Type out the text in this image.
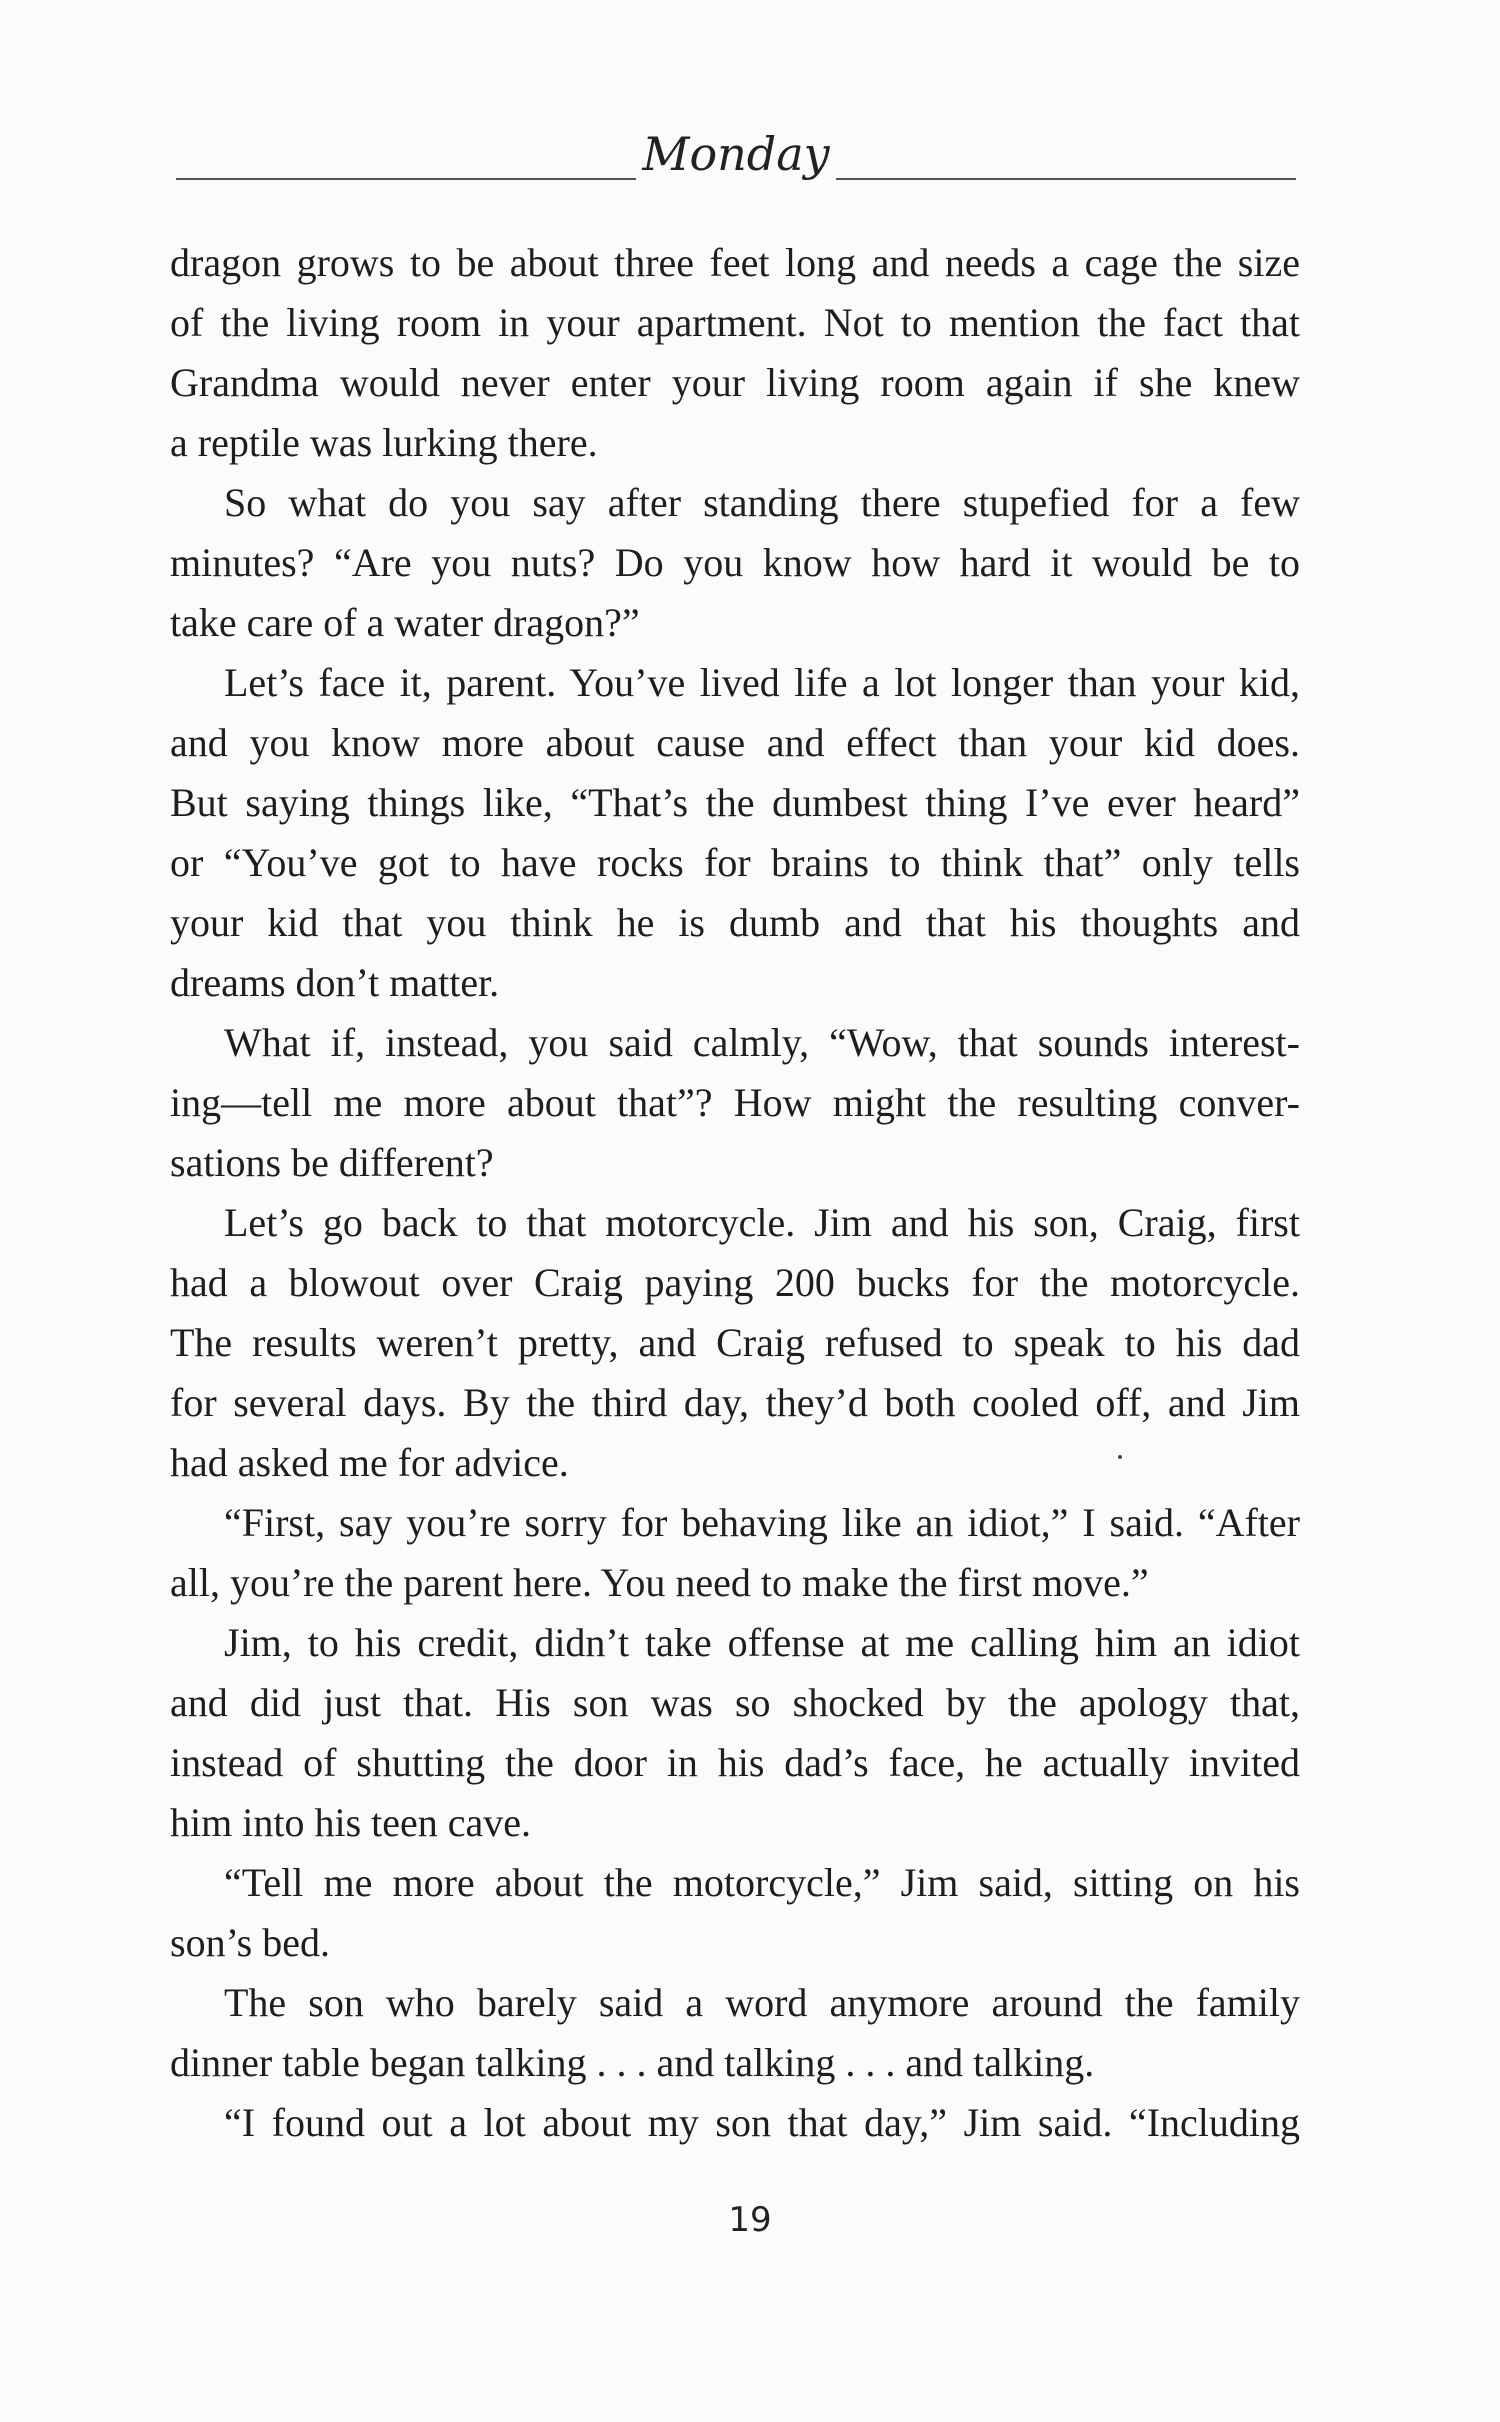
Monday
dragon grows to be about three feet long and needs a cage the size
of the living room in your apartment. Not to mention the fact that
Grandma would never enter your living room again if she knew
a reptile was lurking there.
So what do you say after standing there stupefied for a few
minutes? “Are you nuts? Do you know how hard it would be to
take care of a water dragon?”
Let’s face it, parent. You’ve lived life a lot longer than your kid,
and you know more about cause and effect than your kid does.
But saying things like, “That’s the dumbest thing I’ve ever heard”
or “You’ve got to have rocks for brains to think that” only tells
your kid that you think he is dumb and that his thoughts and
dreams don’t matter.
What if, instead, you said calmly, “Wow, that sounds interest-
ing—tell me more about that”? How might the resulting conver-
sations be different?
Let’s go back to that motorcycle. Jim and his son, Craig, first
had a blowout over Craig paying 200 bucks for the motorcycle.
The results weren’t pretty, and Craig refused to speak to his dad
for several days. By the third day, they’d both cooled off, and Jim
had asked me for advice.
“First, say you’re sorry for behaving like an idiot,” I said. “After
all, you’re the parent here. You need to make the first move.”
Jim, to his credit, didn’t take offense at me calling him an idiot
and did just that. His son was so shocked by the apology that,
instead of shutting the door in his dad’s face, he actually invited
him into his teen cave.
“Tell me more about the motorcycle,” Jim said, sitting on his
son’s bed.
The son who barely said a word anymore around the family
dinner table began talking . . . and talking . . . and talking.
“I found out a lot about my son that day,” Jim said. “Including
19
